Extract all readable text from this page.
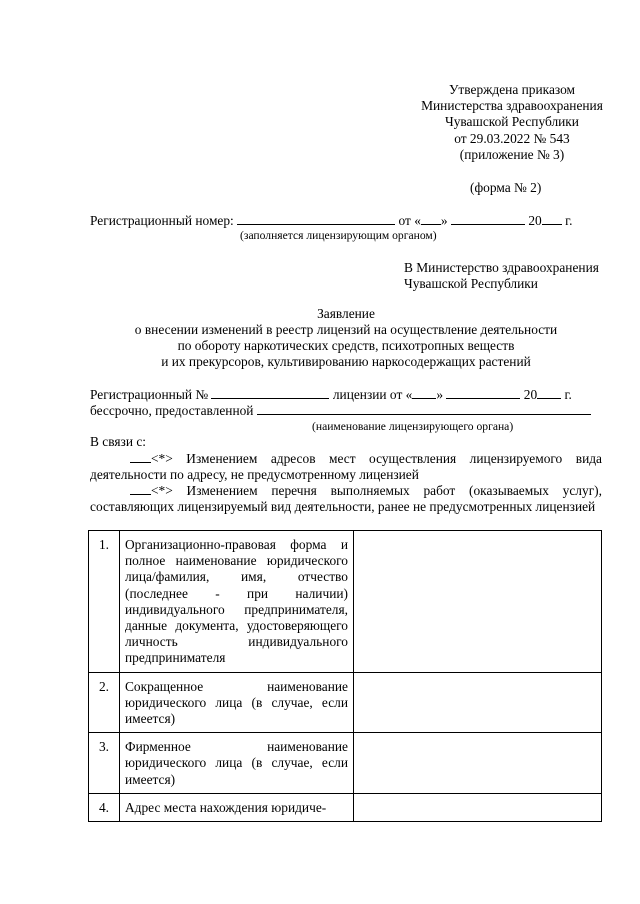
Утверждена приказом
Министерства здравоохранения
Чувашской Республики
от 29.03.2022 № 543
(приложение № 3)
(форма № 2)
Регистрационный номер:	от « »	20 г.
(заполняется лицензирующим органом)
В Министерство здравоохранения
Чувашской Республики
Заявление
о внесении изменений в реестр лицензий на осуществление деятельности
по обороту наркотических средств, психотропных веществ
и их прекурсоров, культивированию наркосодержащих растений
Регистрационный №	лицензии от « »	20 г.
бессрочно, предоставленной
(наименование лицензирующего органа)
В связи с:
<*> Изменением адресов мест осуществления лицензируемого вида деятельности по адресу, не предусмотренному лицензией
<*> Изменением перечня выполняемых работ (оказываемых услуг), составляющих лицензируемый вид деятельности, ранее не предусмотренных лицензией
1.	Организационно-правовая форма и полное наименование юридического лица/фамилия, имя, отчество (последнее - при наличии) индивидуального предпринимателя, данные документа, удостоверяющего личность индивидуального предпринимателя	
2.	Сокращенное наименование юридического лица (в случае, если имеется)	
3.	Фирменное наименование юридического лица (в случае, если имеется)	
4.	Адрес места нахождения юридиче-	
